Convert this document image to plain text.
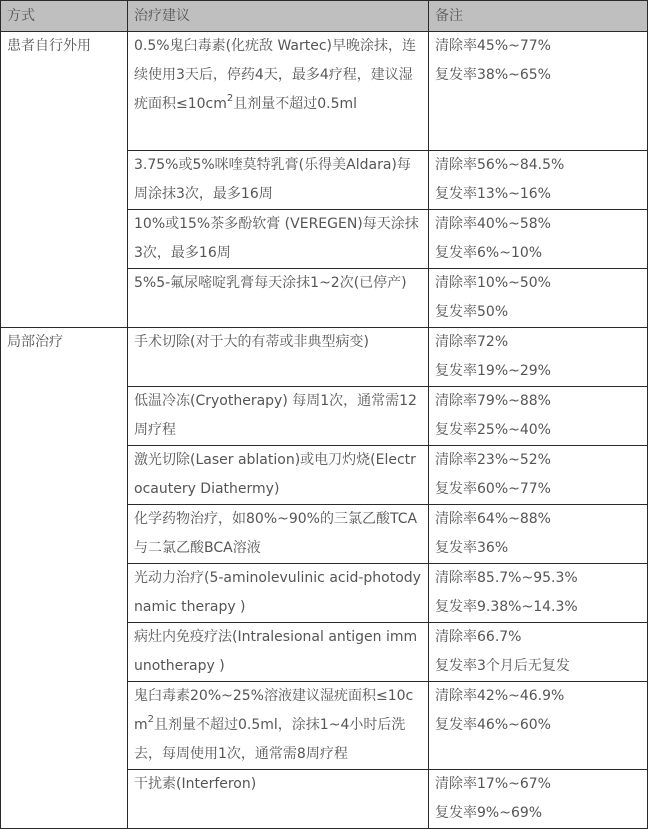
方式	治疗建议	备注
患者自行外用	0.5%鬼臼毒素(化疣敌 Wartec)早晚涂抹，连续使用3天后，停药4天，最多4疗程，建议湿疣面积$\le 10cm^2$且剂量不超过0.5ml	清除率45%~77%
复发率38%~65%

	3.75%或5%咪喹莫特乳膏(乐得美Aldara)每周涂抹3次，最多16周	清除率56%~84.5%
复发率13%~16%

	10%或15%茶多酚软膏 (VEREGEN)每天涂抹3次，最多16周	清除率40%~58%
复发率6%~10%

	5%5-氟尿嘧啶乳膏每天涂抹1~2次(已停产)	清除率10%~50%
复发率50%

局部治疗	手术切除(对于大的有蒂或非典型病变)	清除率72%
复发率19%~29%

	低温冷冻(Cryotherapy) 每周1次，通常需12周疗程	清除率79%~88%
复发率25%~40%

	激光切除(Laser ablation)或电刀灼烧(Electrocautery Diathermy)	清除率23%~52%
复发率60%~77%

	化学药物治疗，如80%~90%的三氯乙酸TCA与二氯乙酸BCA溶液	清除率64%~88%
复发率36%

	光动力治疗(5-aminolevulinic acid-photodynamic therapy )	清除率85.7%~95.3%
复发率9.38%~14.3%

	病灶内免疫疗法(Intralesional antigen immunotherapy )	清除率66.7%
复发率3个月后无复发

	鬼臼毒素20%~25%溶液建议湿疣面积$\le 10cm^2$且剂量不超过0.5ml，涂抹1~4小时后洗去，每周使用1次，通常需8周疗程	清除率42%~46.9%
复发率46%~60%

	干扰素(Interferon)	清除率17%~67%
复发率9%~69%
